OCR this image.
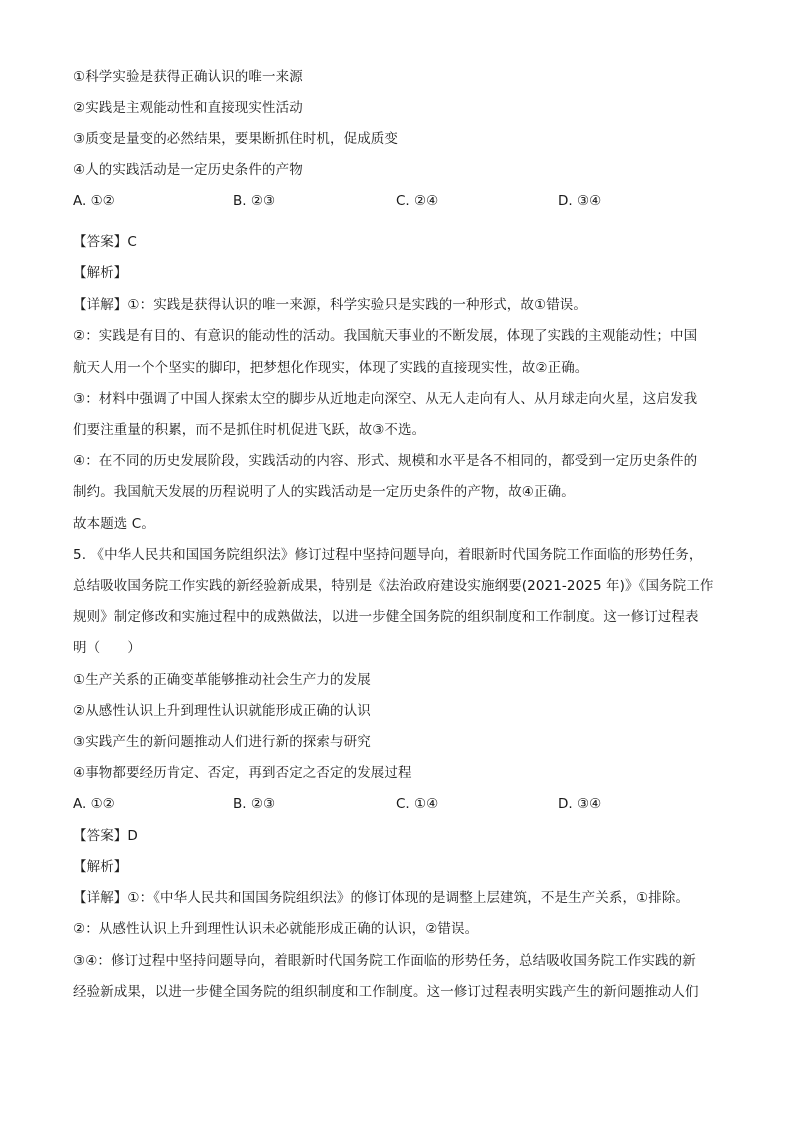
①科学实验是获得正确认识的唯一来源
②实践是主观能动性和直接现实性活动
③质变是量变的必然结果，要果断抓住时机，促成质变
④人的实践活动是一定历史条件的产物
A. ①②	B. ②③	C. ②④	D. ③④
【答案】C
【解析】
【详解】①：实践是获得认识的唯一来源，科学实验只是实践的一种形式，故①错误。
②：实践是有目的、有意识的能动性的活动。我国航天事业的不断发展，体现了实践的主观能动性；中国
航天人用一个个坚实的脚印，把梦想化作现实，体现了实践的直接现实性，故②正确。
③：材料中强调了中国人探索太空的脚步从近地走向深空、从无人走向有人、从月球走向火星，这启发我
们要注重量的积累，而不是抓住时机促进飞跃，故③不选。
④：在不同的历史发展阶段，实践活动的内容、形式、规模和水平是各不相同的，都受到一定历史条件的
制约。我国航天发展的历程说明了人的实践活动是一定历史条件的产物，故④正确。
故本题选 C。
5. 《中华人民共和国国务院组织法》修订过程中坚持问题导向，着眼新时代国务院工作面临的形势任务，
总结吸收国务院工作实践的新经验新成果，特别是《法治政府建设实施纲要(2021-2025 年)》《国务院工作
规则》制定修改和实施过程中的成熟做法，以进一步健全国务院的组织制度和工作制度。这一修订过程表
明（　　）
①生产关系的正确变革能够推动社会生产力的发展
②从感性认识上升到理性认识就能形成正确的认识
③实践产生的新问题推动人们进行新的探索与研究
④事物都要经历肯定、否定，再到否定之否定的发展过程
A. ①②	B. ②③	C. ①④	D. ③④
【答案】D
【解析】
【详解】①：《中华人民共和国国务院组织法》的修订体现的是调整上层建筑，不是生产关系，①排除。
②：从感性认识上升到理性认识未必就能形成正确的认识，②错误。
③④：修订过程中坚持问题导向，着眼新时代国务院工作面临的形势任务，总结吸收国务院工作实践的新
经验新成果，以进一步健全国务院的组织制度和工作制度。这一修订过程表明实践产生的新问题推动人们
